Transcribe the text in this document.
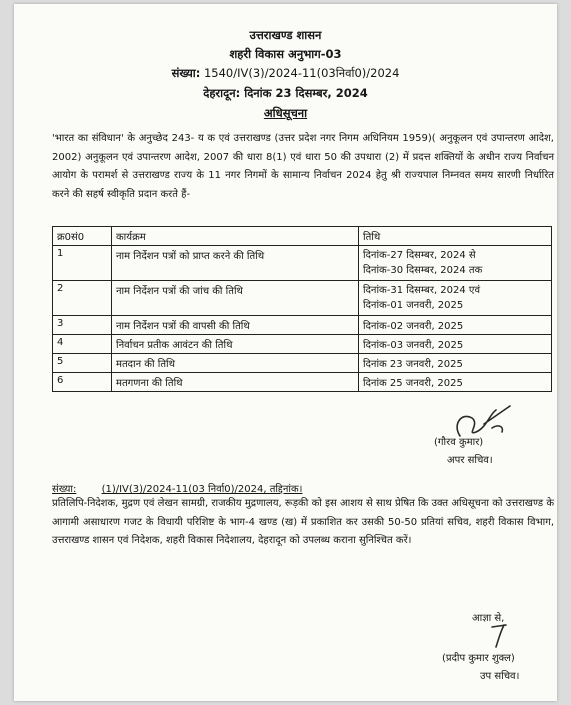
उत्तराखण्ड शासन
शहरी विकास अनुभाग-03
संख्या: 1540/IV(3)/2024-11(03निर्वा0)/2024
देहरादून: दिनांक 23 दिसम्बर, 2024
अधिसूचना
'भारत का संविधान' के अनुच्छेद 243- य क एवं उत्तराखण्ड (उत्तर प्रदेश नगर निगम अधिनियम 1959)( अनुकूलन एवं उपान्तरण आदेश, 2002) अनुकूलन एवं उपान्तरण आदेश, 2007 की धारा 8(1) एवं धारा 50 की उपधारा (2) में प्रदत्त शक्तियों के अधीन राज्य निर्वाचन आयोग के परामर्श से उत्तराखण्ड राज्य के 11 नगर निगमों के सामान्य निर्वाचन 2024 हेतु श्री राज्यपाल निम्नवत समय सारणी निर्धारित करने की सहर्ष स्वीकृति प्रदान करते हैं-
क्र0सं0	कार्यक्रम	तिथि
1	नाम निर्देशन पत्रों को प्राप्त करने की तिथि	दिनांक-27 दिसम्बर, 2024 से
दिनांक-30 दिसम्बर, 2024 तक

2	नाम निर्देशन पत्रों की जांच की तिथि	दिनांक-31 दिसम्बर, 2024 एवं
दिनांक-01 जनवरी, 2025

3	नाम निर्देशन पत्रों की वापसी की तिथि	दिनांक-02 जनवरी, 2025
4	निर्वाचन प्रतीक आवंटन की तिथि	दिनांक-03 जनवरी, 2025
5	मतदान की तिथि	दिनांक 23 जनवरी, 2025
6	मतगणना की तिथि	दिनांक 25 जनवरी, 2025
(गौरव कुमार)
अपर सचिव।
संख्या:	(1)/IV(3)/2024-11(03 निर्वा0)/2024, तद्दिनांक।
प्रतिलिपि-निदेशक, मुद्रण एवं लेखन सामग्री, राजकीय मुद्रणालय, रूड़की को इस आशय से साथ प्रेषित कि उक्त अधिसूचना को उत्तराखण्ड के आगामी असाधारण गजट के विधायी परिशिष्ट के भाग-4 खण्ड (ख) में प्रकाशित कर उसकी 50-50 प्रतियां सचिव, शहरी विकास विभाग, उत्तराखण्ड शासन एवं निदेशक, शहरी विकास निदेशालय, देहरादून को उपलब्ध कराना सुनिश्चित करें।
आज्ञा से,
(प्रदीप कुमार शुक्ल)
उप सचिव।
